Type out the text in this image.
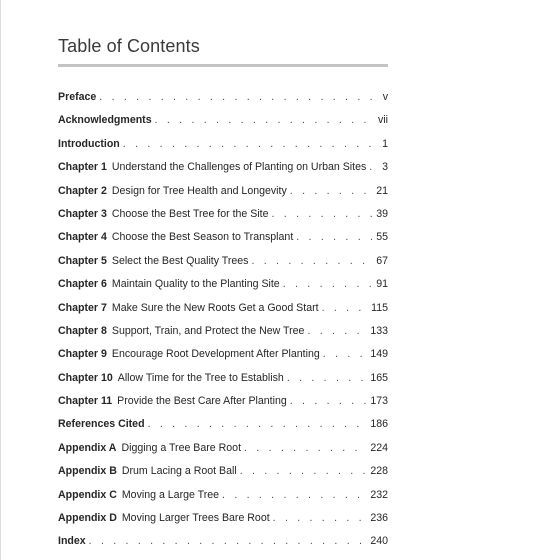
Table of Contents
Preface . . .	v
Acknowledgments . . .	vii
Introduction . . .	1
Chapter 1 Understand the Challenges of Planting on Urban Sites . . . 3
Chapter 2 Design for Tree Health and Longevity . . .	21
Chapter 3 Choose the Best Tree for the Site . . .	39
Chapter 4 Choose the Best Season to Transplant . . .	55
Chapter 5 Select the Best Quality Trees . . .	67
Chapter 6 Maintain Quality to the Planting Site . . .	91
Chapter 7 Make Sure the New Roots Get a Good Start . . .	115
Chapter 8 Support, Train, and Protect the New Tree . . .	133
Chapter 9 Encourage Root Development After Planting . . .	149
Chapter 10 Allow Time for the Tree to Establish . . .	165
Chapter 11 Provide the Best Care After Planting . . .	173
References Cited . . .	186
Appendix A Digging a Tree Bare Root . . .	224
Appendix B Drum Lacing a Root Ball . . .	228
Appendix C Moving a Large Tree . . .	232
Appendix D Moving Larger Trees Bare Root . . .	236
Index . . .	240
